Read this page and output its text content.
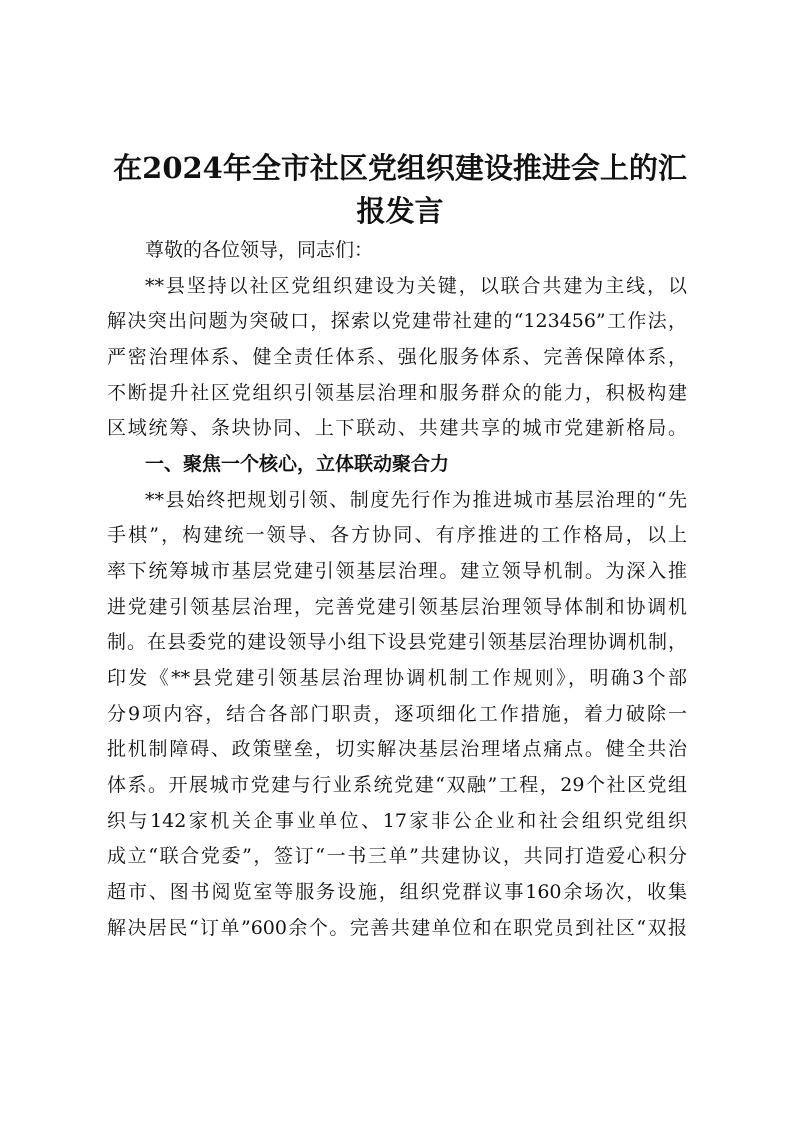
在2024年全市社区党组织建设推进会上的汇
报发言
尊敬的各位领导，同志们：
**县坚持以社区党组织建设为关键，以联合共建为主线，以
解决突出问题为突破口，探索以党建带社建的“123456”工作法，
严密治理体系、健全责任体系、强化服务体系、完善保障体系，
不断提升社区党组织引领基层治理和服务群众的能力，积极构建
区域统筹、条块协同、上下联动、共建共享的城市党建新格局。
一、聚焦一个核心，立体联动聚合力
**县始终把规划引领、制度先行作为推进城市基层治理的“先
手棋”，构建统一领导、各方协同、有序推进的工作格局，以上
率下统筹城市基层党建引领基层治理。建立领导机制。为深入推
进党建引领基层治理，完善党建引领基层治理领导体制和协调机
制。在县委党的建设领导小组下设县党建引领基层治理协调机制，
印发《**县党建引领基层治理协调机制工作规则》，明确3个部
分9项内容，结合各部门职责，逐项细化工作措施，着力破除一
批机制障碍、政策壁垒，切实解决基层治理堵点痛点。健全共治
体系。开展城市党建与行业系统党建“双融”工程，29个社区党组
织与142家机关企事业单位、17家非公企业和社会组织党组织
成立“联合党委”，签订“一书三单”共建协议，共同打造爱心积分
超市、图书阅览室等服务设施，组织党群议事160余场次，收集
解决居民“订单”600余个。完善共建单位和在职党员到社区“双报
